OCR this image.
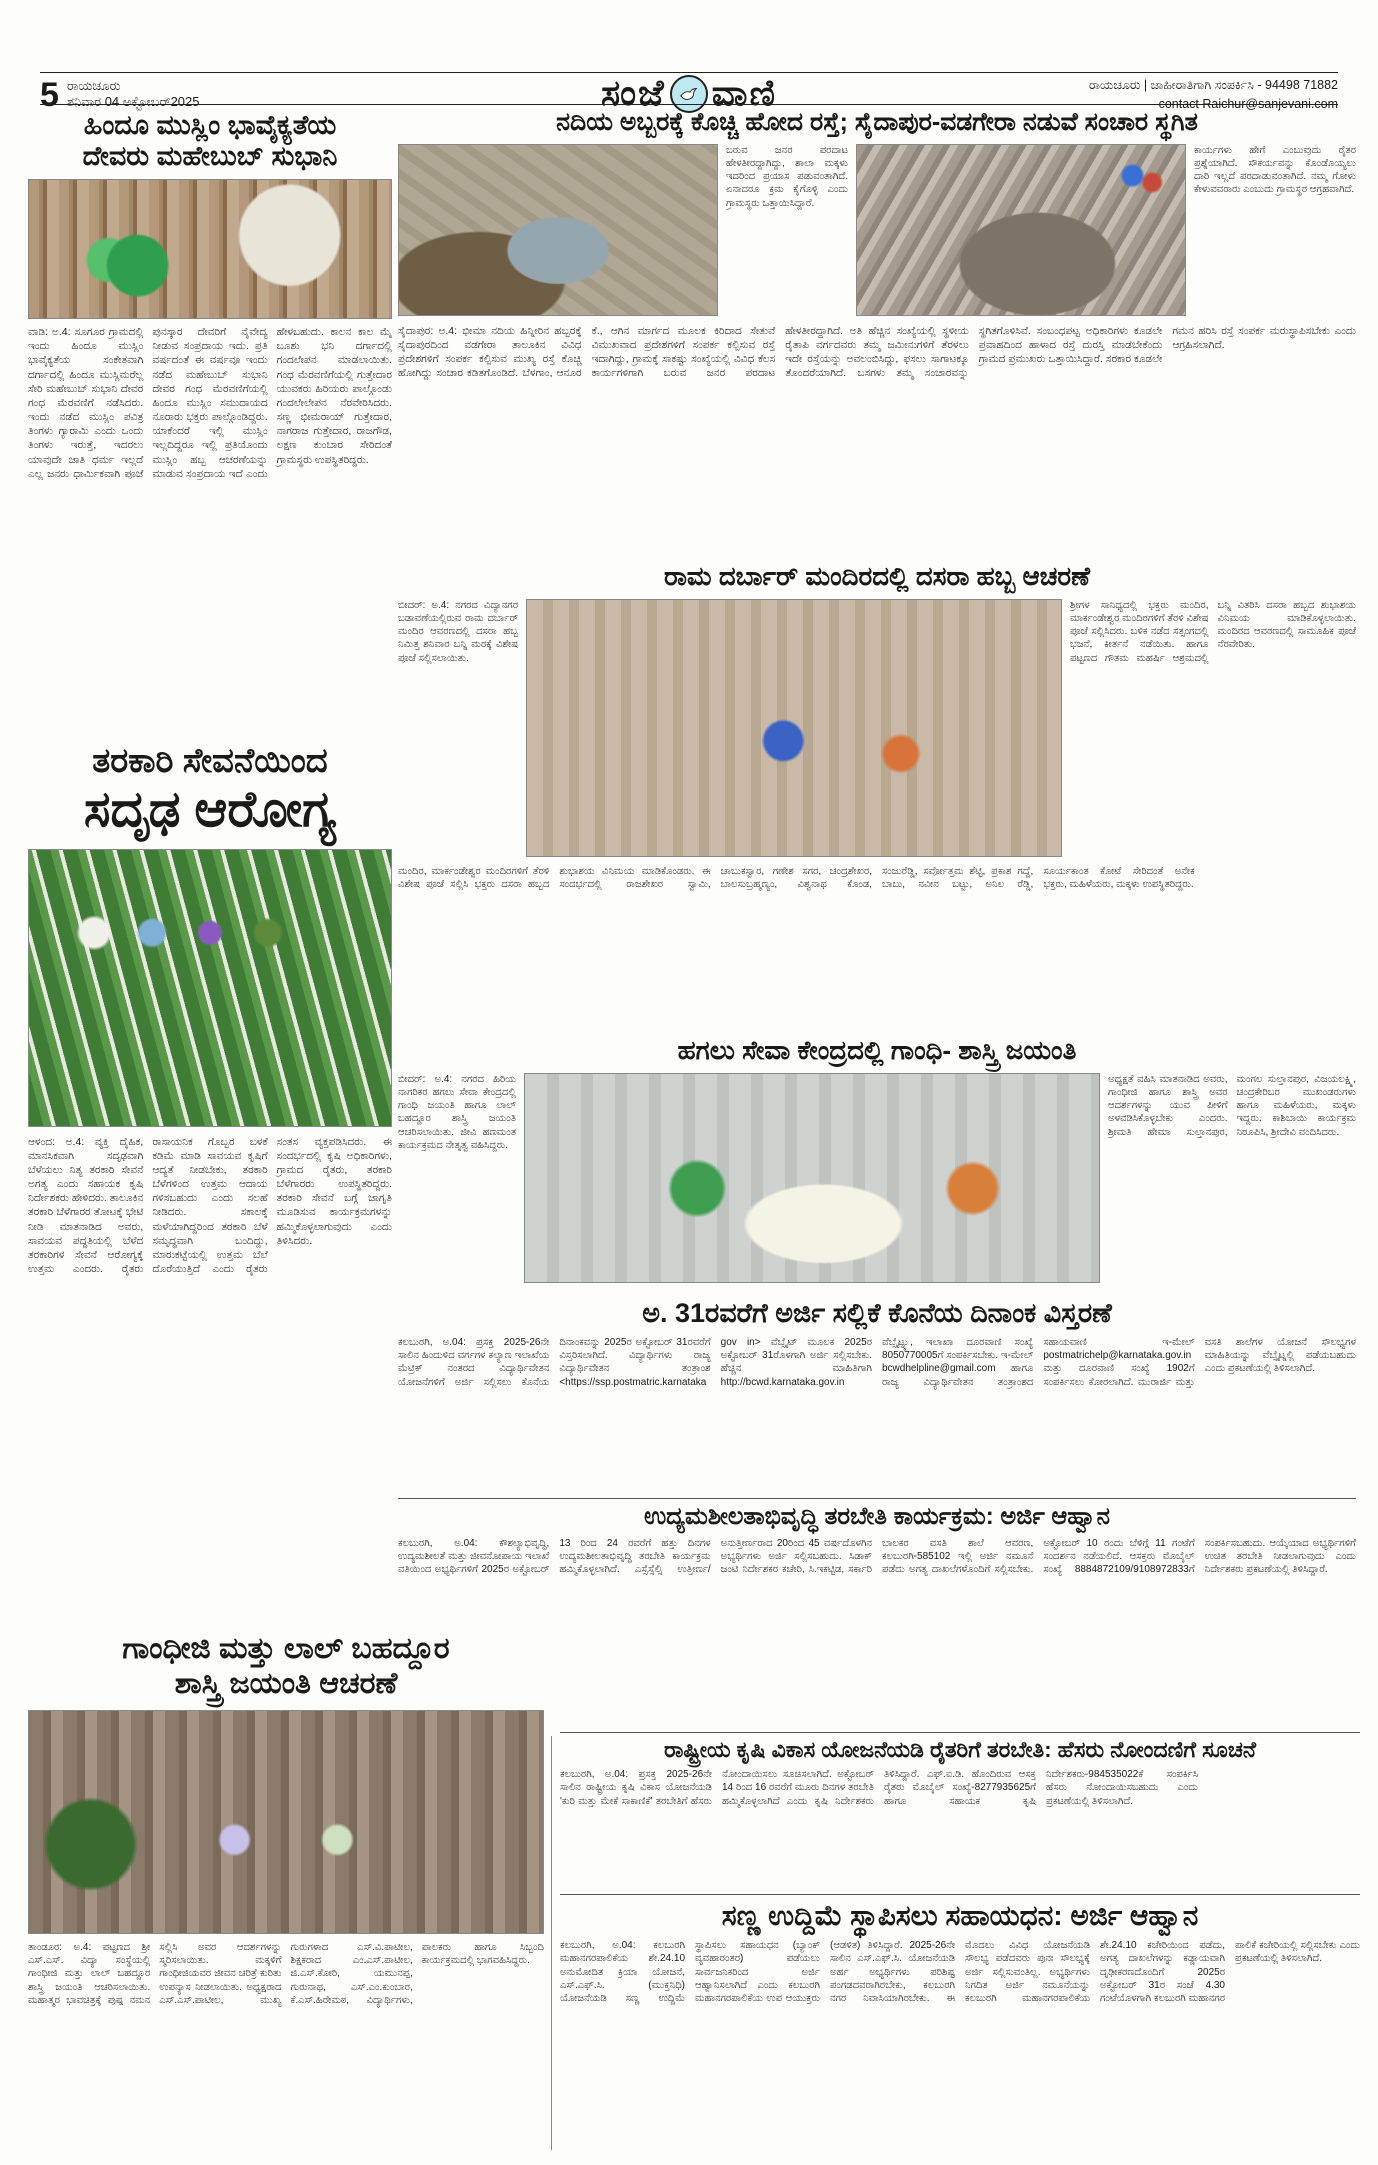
5 ರಾಯಚೂರು
ಶನಿವಾರ 04 ಅಕ್ಟೋಬರ್2025	ಸಂಜೆ ವಾಣಿ	ರಾಯಚೂರು | ಜಾಹೀರಾತಿಗಾಗಿ ಸಂಪರ್ಕಿಸಿ - 94498 71882
contact Raichur@sanjevani.com
ಹಿಂದೂ ಮುಸ್ಲಿಂ ಭಾವೈಕ್ಯತೆಯ
ದೇವರು ಮಹೇಬುಬ್ ಸುಭಾನಿ
ವಾಡಿ: ಅ.4: ಸೂಗೂರ ಗ್ರಾಮದಲ್ಲಿ ಇಂದು ಹಿಂದೂ ಮುಸ್ಲಿಂ ಭಾವೈಕ್ಯತೆಯ ಸಂಕೇತವಾಗಿ ದರ್ಗಾದಲ್ಲಿ ಹಿಂದೂ ಮುಸ್ಲಿಮರೆಲ್ಲ ಸೇರಿ ಮಹೇಬುಬ್ ಸುಭಾನಿ ದೇವರ ಗಂಧ ಮೆರವಣಿಗೆ ನಡೆಸಿದರು. ಇಂದು ನಡೆದ ಮುಸ್ಲಿಂ ಪವಿತ್ರ ತಿಂಗಳು ಗ್ಯಾರಾಮಿ ಎಂದು ಒಂದು ತಿಂಗಳು ಇರುತ್ತೆ, ಇದರಲು ಯಾವುದೇ ಜಾತಿ ಧರ್ಮ ಇಲ್ಲದೆ ಎಲ್ಲ ಜನರು ಧಾರ್ಮಿಕವಾಗಿ ಪೂಜೆ ಪುನಸ್ಕಾರ ದೇವರಿಗೆ ನೈವೇದ್ಯ ನೀಡುವ ಸಂಪ್ರದಾಯ ಇದು. ಪ್ರತಿ ವರ್ಷದಂತೆ ಈ ವರ್ಷವೂ ಇಂದು ನಡೆದ ಮಹೇಬುಬ್ ಸುಭಾನಿ ದೇವರ ಗಂಧ ಮೆರವಣಿಗೆಯಲ್ಲಿ ಹಿಂದೂ ಮುಸ್ಲಿಂ ಸಮುದಾಯದ ನೂರಾರು ಭಕ್ತರು ಪಾಲ್ಗೊಂಡಿದ್ದರು. ಯಾಕೆಂದರೆ ಇಲ್ಲಿ ಮುಸ್ಲಿಂ ಇಲ್ಲದಿದ್ದರೂ ಇಲ್ಲಿ ಪ್ರತಿಯೊಂದು ಮುಸ್ಲಿಂ ಹಬ್ಬ ಆಚರಣೆಯನ್ನು ಮಾಡುವ ಸಂಪ್ರದಾಯ ಇದೆ ಎಂದು ಹೇಳಬಹುದು. ಕಾಲನ ಕಾಲ ಮೈ ಬೂಶು ಭನಿ ದರ್ಗಾದಲ್ಲಿ ಗಂದಲೇಪನ ಮಾಡಲಾಯಿತು. ಗಂಧ ಮೆರವಣಿಗೆಯಲ್ಲಿ ಗುತ್ತೇದಾರ ಯುವಕರು ಹಿರಿಯರು ಪಾಲ್ಗೊಂಡು ಗಂದಲೇಲೇಪನ ನೆರವೇರಿಸಿದರು. ಸಣ್ಣ ಭೀಮರಾಯ್ ಗುತ್ತೇದಾರ, ನಾಗರಾಜ ಗುತ್ತೇದಾರ, ರಾಜಗೌಡ, ಲಕ್ಷಣ ಕುಂಬಾರ ಸೇರಿದಂತೆ ಗ್ರಾಮಸ್ಥರು ಉಪಸ್ಥಿತರಿದ್ದರು.
ನದಿಯ ಅಬ್ಬರಕ್ಕೆ ಕೊಚ್ಚಿ ಹೋದ ರಸ್ತೆ; ಸೈದಾಪುರ-ವಡಗೇರಾ ನಡುವೆ ಸಂಚಾರ ಸ್ಥಗಿತ
ಬರುವ ಜನರ ಪರದಾಟ ಹೇಳತೀರದ್ದಾಗಿದ್ದು, ಶಾಲಾ ಮಕ್ಕಳು ಇದರಿಂದ ಪ್ರಯಾಸ ಪಡುವಂತಾಗಿದೆ. ಏನಾದರೂ ಕ್ರಮ ಕೈಗೊಳ್ಳಿ ಎಂದು ಗ್ರಾಮಸ್ಥರು ಒತ್ತಾಯಿಸಿದ್ದಾರೆ.
ಕಾರ್ಯಗಳು ಹೇಗೆ ಎಂಬುವುದು ರೈತರ ಪ್ರಶ್ನೆಯಾಗಿದೆ. ಸೌಕರ್ಯವನ್ನು ಕೊಂಡೊಯ್ಯಲು ದಾರಿ ಇಲ್ಲದೆ ಪರದಾಡುವಂತಾಗಿದೆ. ನಮ್ಮ ಗೋಳು ಕೇಳುವವರಾರು ಎಂಬುದು ಗ್ರಾಮಸ್ಥರ ಆಗ್ರಹವಾಗಿದೆ.
ಸೈದಾಪುರ: ಅ.4: ಭೀಮಾ ನದಿಯ ಹಿನ್ನೀರಿನ ಹಬ್ಬರಕ್ಕೆ ಸೈದಾಪುರದಿಂದ ವಡಗೇರಾ ತಾಲೂಕಿನ ವಿವಿಧ ಪ್ರದೇಶಗಳಿಗೆ ಸಂಪರ್ಕ ಕಲ್ಪಿಸುವ ಮುಖ್ಯ ರಸ್ತೆ ಕೊಚ್ಚಿ ಹೋಗಿದ್ದು ಸಂಚಾರ ಕಡಿತಗೊಂಡಿದೆ. ಬೆಳಗಾಂ, ಆನೂರ ಕೆ., ಆಗಿನ ಮಾರ್ಗದ ಮೂಲಕ ಕಿರಿದಾದ ಸೇತುವೆ ವಿಮುಖವಾದ ಪ್ರದೇಶಗಳಿಗೆ ಸಂಪರ್ಕ ಕಲ್ಪಿಸುವ ರಸ್ತೆ ಇದಾಗಿದ್ದು, ಗ್ರಾಮಕ್ಕೆ ಸಾಕಷ್ಟು ಸಂಖ್ಯೆಯಲ್ಲಿ ವಿವಿಧ ಕೆಲಸ ಕಾರ್ಯಗಳಿಗಾಗಿ ಬರುವ ಜನರ ಪರದಾಟ ಹೇಳತೀರದ್ದಾಗಿದೆ. ಅತಿ ಹೆಚ್ಚಿನ ಸಂಖ್ಯೆಯಲ್ಲಿ ಸ್ಥಳೀಯ ರೈತಾಪಿ ವರ್ಗದವರು ತಮ್ಮ ಜಮೀನುಗಳಿಗೆ ತೆರಳಲು ಇದೇ ರಸ್ತೆಯನ್ನು ಅವಲಂಬಿಸಿದ್ದು, ಫಸಲು ಸಾಗಾಟಕ್ಕೂ ತೊಂದರೆಯಾಗಿದೆ. ಬಸಗಳು ತಮ್ಮ ಸಂಚಾರವನ್ನು ಸ್ಥಗಿತಗೊಳಿಸಿವೆ. ಸಂಬಂಧಪಟ್ಟ ಅಧಿಕಾರಿಗಳು ಕೂಡಲೇ ಪ್ರವಾಹದಿಂದ ಹಾಳಾದ ರಸ್ತೆ ದುರಸ್ತಿ ಮಾಡಬೇಕೆಂದು ಗ್ರಾಮದ ಪ್ರಮುಖರು ಒತ್ತಾಯಿಸಿದ್ದಾರೆ. ಸರಕಾರ ಕೂಡಲೇ ಗಮನ ಹರಿಸಿ ರಸ್ತೆ ಸಂಪರ್ಕ ಮರುಸ್ಥಾಪಿಸಬೇಕು ಎಂದು ಆಗ್ರಹಿಸಲಾಗಿದೆ.
ರಾಮ ದರ್ಬಾರ್ ಮಂದಿರದಲ್ಲಿ ದಸರಾ ಹಬ್ಬ ಆಚರಣೆ
ಬೀದರ್: ಅ.4: ನಗರದ ವಿದ್ಯಾನಗರ ಬಡಾವಣೆಯಲ್ಲಿರುವ ರಾಮ ದರ್ಬಾರ್ ಮಂದಿರ ಆವರಣದಲ್ಲಿ ದಸರಾ ಹಬ್ಬ ನಿಮಿತ್ತ ಶನಿವಾರ ಬನ್ನಿ ಮರಕ್ಕೆ ವಿಶೇಷ ಪೂಜೆ ಸಲ್ಲಿಸಲಾಯಿತು.
ಶ್ರೀಗಳ ಸಾನಿಧ್ಯದಲ್ಲಿ ಭಕ್ತರು ಮಂದಿರ, ಮಾರ್ಕಂಡೇಶ್ವರ ಮಂದಿರಗಳಿಗೆ ತೆರಳಿ ವಿಶೇಷ ಪೂಜೆ ಸಲ್ಲಿಸಿದರು. ಬಳಿಕ ನಡೆದ ಸತ್ಸಂಗದಲ್ಲಿ ಭಜನೆ, ಕೀರ್ತನೆ ನಡೆಯಿತು. ಹಾಗೂ ಪಟ್ಟಣದ ಗೌತಮ ಮಹರ್ಷಿ ಆಶ್ರಮದಲ್ಲಿ ಬನ್ನಿ ವಿತರಿಸಿ ದಸರಾ ಹಬ್ಬದ ಶುಭಾಶಯ ವಿನಿಮಯ ಮಾಡಿಕೊಳ್ಳಲಾಯಿತು. ಮಂದಿರದ ಆವರಣದಲ್ಲಿ ಸಾಮೂಹಿಕ ಪೂಜೆ ನೆರವೇರಿತು.
ಮಂದಿರ, ಮಾರ್ಕಂಡೇಶ್ವರ ಮಂದಿರಗಳಿಗೆ ತೆರಳಿ ವಿಶೇಷ ಪೂಜೆ ಸಲ್ಲಿಸಿ ಭಕ್ತರು ದಸರಾ ಹಬ್ಬದ ಶುಭಾಶಯ ವಿನಿಮಯ ಮಾಡಿಕೊಂಡರು. ಈ ಸಂದರ್ಭದಲ್ಲಿ ರಾಜಶೇಖರ ಸ್ವಾಮಿ, ಚಾಬುಕಸ್ವಾರ, ಗಣೇಶ ಸಗರ, ಚಂದ್ರಶೇಖರ, ಬಾಲಸುಬ್ರಹ್ಮಣ್ಯಂ, ವಿಶ್ವನಾಥ ಕೊಂಡ, ಸಂಜುರೆಡ್ಡಿ, ಸರ್ವೋತ್ತಮ ಶೆಟ್ಟಿ, ಪ್ರಕಾಶ ಗದ್ದೆ, ಬಾಬು, ನವೀನ ಬಟ್ಟು, ಅನಿಲ ರೆಡ್ಡಿ, ಸೂರ್ಯಕಾಂತ ಕೋಟೆ ಸೇರಿದಂತೆ ಅನೇಕ ಭಕ್ತರು, ಮಹಿಳೆಯರು, ಮಕ್ಕಳು ಉಪಸ್ಥಿತರಿದ್ದರು.
ತರಕಾರಿ ಸೇವನೆಯಿಂದ
ಸದೃಢ ಆರೋಗ್ಯ
ಆಳಂದ: ಅ.4: ವ್ಯಕ್ತಿ ದೈಹಿಕ, ಮಾನಸಿಕವಾಗಿ ಸದೃಢವಾಗಿ ಬೆಳೆಯಲು ನಿತ್ಯ ತರಕಾರಿ ಸೇವನೆ ಅಗತ್ಯ ಎಂದು ಸಹಾಯಕ ಕೃಷಿ ನಿರ್ದೇಶಕರು ಹೇಳಿದರು. ತಾಲೂಕಿನ ತರಕಾರಿ ಬೆಳೆಗಾರರ ತೋಟಕ್ಕೆ ಭೇಟಿ ನೀಡಿ ಮಾತನಾಡಿದ ಅವರು, ಸಾವಯವ ಪದ್ಧತಿಯಲ್ಲಿ ಬೆಳೆದ ತರಕಾರಿಗಳ ಸೇವನೆ ಆರೋಗ್ಯಕ್ಕೆ ಉತ್ತಮ ಎಂದರು. ರೈತರು ರಾಸಾಯನಿಕ ಗೊಬ್ಬರ ಬಳಕೆ ಕಡಿಮೆ ಮಾಡಿ ಸಾವಯವ ಕೃಷಿಗೆ ಆದ್ಯತೆ ನೀಡಬೇಕು, ತರಕಾರಿ ಬೆಳೆಗಳಿಂದ ಉತ್ತಮ ಆದಾಯ ಗಳಿಸಬಹುದು ಎಂದು ಸಲಹೆ ನೀಡಿದರು. ಸಕಾಲಕ್ಕೆ ಮಳೆಯಾಗಿದ್ದರಿಂದ ತರಕಾರಿ ಬೆಳೆ ಸಮೃದ್ಧವಾಗಿ ಬಂದಿದ್ದು, ಮಾರುಕಟ್ಟೆಯಲ್ಲಿ ಉತ್ತಮ ಬೆಲೆ ದೊರೆಯುತ್ತಿದೆ ಎಂದು ರೈತರು ಸಂತಸ ವ್ಯಕ್ತಪಡಿಸಿದರು. ಈ ಸಂದರ್ಭದಲ್ಲಿ ಕೃಷಿ ಅಧಿಕಾರಿಗಳು, ಗ್ರಾಮದ ರೈತರು, ತರಕಾರಿ ಬೆಳೆಗಾರರು ಉಪಸ್ಥಿತರಿದ್ದರು. ತರಕಾರಿ ಸೇವನೆ ಬಗ್ಗೆ ಜಾಗೃತಿ ಮೂಡಿಸುವ ಕಾರ್ಯಕ್ರಮಗಳನ್ನು ಹಮ್ಮಿಕೊಳ್ಳಲಾಗುವುದು ಎಂದು ತಿಳಿಸಿದರು.
ಹಗಲು ಸೇವಾ ಕೇಂದ್ರದಲ್ಲಿ ಗಾಂಧಿ- ಶಾಸ್ತ್ರಿ ಜಯಂತಿ
ಬೀದರ್: ಅ.4: ನಗರದ ಹಿರಿಯ ನಾಗರಿಕರ ಹಗಲು ಸೇವಾ ಕೇಂದ್ರದಲ್ಲಿ ಗಾಂಧಿ ಜಯಂತಿ ಹಾಗೂ ಲಾಲ್ ಬಹದ್ದೂರ ಶಾಸ್ತ್ರಿ ಜಯಂತಿ ಆಚರಿಸಲಾಯಿತು. ಜೀವಿ ಹಣಮಂತ ಕಾರ್ಯಕ್ರಮದ ನೇತೃತ್ವ ವಹಿಸಿದ್ದರು.
ಅಧ್ಯಕ್ಷತೆ ವಹಿಸಿ ಮಾತನಾಡಿದ ಅವರು, ಗಾಂಧೀಜಿ ಹಾಗೂ ಶಾಸ್ತ್ರಿ ಅವರ ಆದರ್ಶಗಳನ್ನು ಯುವ ಪೀಳಿಗೆ ಅಳವಡಿಸಿಕೊಳ್ಳಬೇಕು ಎಂದರು. ಶ್ರೀಮತಿ ಹೇಮಾ ಸುಲ್ತಾನಪುರ, ಮಂಗಲ ಸುಲ್ತಾನಪುರ, ವಿಜಯಲಕ್ಷ್ಮಿ, ಚಂದ್ರಕೇರಿಬರ ಮುಖಂಡರುಗಳು ಹಾಗೂ ಮಹಿಳೆಯರು, ಮಕ್ಕಳು ಇದ್ದರು. ಕಾಶಿಬಾಯಿ ಕಾರ್ಯಕ್ರಮ ನಿರೂಪಿಸಿ, ಶ್ರೀದೇವಿ ವಂದಿಸಿದರು.
ಅ. 31ರವರೆಗೆ ಅರ್ಜಿ ಸಲ್ಲಿಕೆ ಕೊನೆಯ ದಿನಾಂಕ ವಿಸ್ತರಣೆ
ಕಲಬುರಗಿ, ಅ.04: ಪ್ರಸಕ್ತ 2025-26ನೇ ಸಾಲಿನ ಹಿಂದುಳಿದ ವರ್ಗಗಳ ಕಲ್ಯಾಣ ಇಲಾಖೆಯ ಮೆಟ್ರಿಕ್ ನಂತರದ ವಿದ್ಯಾರ್ಥಿವೇತನ ಯೋಜನೆಗಳಿಗೆ ಅರ್ಜಿ ಸಲ್ಲಿಸಲು ಕೊನೆಯ ದಿನಾಂಕವನ್ನು 2025ರ ಅಕ್ಟೋಬರ್ 31ರವರೆಗೆ ವಿಸ್ತರಿಸಲಾಗಿದೆ. ವಿದ್ಯಾರ್ಥಿಗಳು ರಾಜ್ಯ ವಿದ್ಯಾರ್ಥಿವೇತನ ತಂತ್ರಾಂಶ <https://ssp.postmatric.karnataka gov in> ವೆಬ್ಸೈಟ್ ಮೂಲಕ 2025ರ ಅಕ್ಟೋಬರ್ 31ರೊಳಗಾಗಿ ಅರ್ಜಿ ಸಲ್ಲಿಸಬೇಕು. ಹೆಚ್ಚಿನ ಮಾಹಿತಿಗಾಗಿ http://bcwd.karnataka.gov.in ವೆಬ್ಸೈಟ್ನ್ನು, ಇಲಾಖಾ ದೂರವಾಣಿ ಸಂಖ್ಯೆ 8050770005ಗೆ ಸಂಪರ್ಕಿಸಬೇಕು. ಇ-ಮೇಲ್ bcwdhelpline@gmail.com ಹಾಗೂ ರಾಜ್ಯ ವಿದ್ಯಾರ್ಥಿವೇತನ ತಂತ್ರಾಂಶದ ಸಹಾಯವಾಣಿ ಇ-ಮೇಲ್ postmatrichelp@karnataka.gov.in ಮತ್ತು ದೂರವಾಣಿ ಸಂಖ್ಯೆ 1902ಗೆ ಸಂಪರ್ಕಿಸಲು ಕೋರಲಾಗಿದೆ. ಮುರಾರ್ಜಿ ಮತ್ತು ವಸತಿ ಶಾಲೆಗಳ ಯೋಜನೆ ಸೌಲಭ್ಯಗಳ ಮಾಹಿತಿಯನ್ನು ವೆಬ್ಸೈಟ್ನಲ್ಲಿ ಪಡೆಯಬಹುದು ಎಂದು ಪ್ರಕಟಣೆಯಲ್ಲಿ ತಿಳಿಸಲಾಗಿದೆ.
ಉದ್ಯಮಶೀಲತಾಭಿವೃದ್ಧಿ ತರಬೇತಿ ಕಾರ್ಯಕ್ರಮ: ಅರ್ಜಿ ಆಹ್ವಾನ
ಕಲಬುರಗಿ, ಅ.04: ಕೌಶಲ್ಯಾಭಿವೃದ್ಧಿ, ಉದ್ಯಮಶೀಲತೆ ಮತ್ತು ಜೀವನೋಪಾಯ ಇಲಾಖೆ ವತಿಯಿಂದ ಅಭ್ಯರ್ಥಿಗಳಿಗೆ 2025ರ ಅಕ್ಟೋಬರ್ 13 ರಿಂದ 24 ರವರೆಗೆ ಹತ್ತು ದಿನಗಳ ಉದ್ಯಮಶೀಲತಾಭಿವೃದ್ಧಿ ತರಬೇತಿ ಕಾರ್ಯಕ್ರಮ ಹಮ್ಮಿಕೊಳ್ಳಲಾಗಿದೆ. ಎಸ್ಸೆಸ್ಸೆಲ್ಸಿ ಉತ್ತೀರ್ಣ/ಅನುತ್ತೀರ್ಣರಾದ 20ರಿಂದ 45 ವರ್ಷದೊಳಗಿನ ಅಭ್ಯರ್ಥಿಗಳು ಅರ್ಜಿ ಸಲ್ಲಿಸಬಹುದು. ಸಿಡಾಕ್ ಜಂಟಿ ನಿರ್ದೇಶಕರ ಕಚೇರಿ, ಸಿ.ಇಕಟ್ಟಿಡ, ಸರ್ಕಾರಿ ಬಾಲಕರ ವಸತಿ ಶಾಲೆ ಆವರಣ, ಕಲಬುರಗಿ-585102 ಇಲ್ಲಿ ಅರ್ಜಿ ನಮೂನೆ ಪಡೆದು ಅಗತ್ಯ ದಾಖಲೆಗಳೊಂದಿಗೆ ಸಲ್ಲಿಸಬೇಕು. ಅಕ್ಟೋಬರ್ 10 ರಂದು ಬೆಳಿಗ್ಗೆ 11 ಗಂಟೆಗೆ ಸಂದರ್ಶನ ನಡೆಯಲಿದೆ. ಆಸಕ್ತರು ಮೊಬೈಲ್ ಸಂಖ್ಯೆ 8884872109/9108972833ಗೆ ಸಂಪರ್ಕಿಸಬಹುದು. ಆಯ್ಕೆಯಾದ ಅಭ್ಯರ್ಥಿಗಳಿಗೆ ಉಚಿತ ತರಬೇತಿ ನೀಡಲಾಗುವುದು ಎಂದು ನಿರ್ದೇಶಕರು ಪ್ರಕಟಣೆಯಲ್ಲಿ ತಿಳಿಸಿದ್ದಾರೆ.
ಗಾಂಧೀಜಿ ಮತ್ತು ಲಾಲ್ ಬಹದ್ದೂರ
ಶಾಸ್ತ್ರಿ ಜಯಂತಿ ಆಚರಣೆ
ತಾಂಡೂರ: ಅ.4: ಪಟ್ಟಣದ ಶ್ರೀ ಎಸ್.ಎಸ್. ವಿದ್ಯಾ ಸಂಸ್ಥೆಯಲ್ಲಿ ಗಾಂಧೀಜಿ ಮತ್ತು ಲಾಲ್ ಬಹದ್ದೂರ ಶಾಸ್ತ್ರಿ ಜಯಂತಿ ಆಚರಿಸಲಾಯಿತು. ಮಹಾತ್ಮರ ಭಾವಚಿತ್ರಕ್ಕೆ ಪುಷ್ಪ ನಮನ ಸಲ್ಲಿಸಿ ಅವರ ಆದರ್ಶಗಳನ್ನು ಸ್ಮರಿಸಲಾಯಿತು. ಮಕ್ಕಳಿಗೆ ಗಾಂಧೀಜಿಯವರ ಜೀವನ ಚರಿತ್ರೆ ಕುರಿತು ಉಪನ್ಯಾಸ ನೀಡಲಾಯಿತು. ಅಧ್ಯಕ್ಷರಾದ ಎಸ್.ಎಸ್.ಪಾಟೀಲ, ಮುಖ್ಯ ಗುರುಗಳಾದ ಎಸ್.ವಿ.ಪಾಟೀಲ, ಶಿಕ್ಷಕರಾದ ಎಂ.ಎಸ್.ಪಾಟೀಲ, ಜಿ.ಎಸ್.ಕೋರಿ, ಯಮುನಪ್ಪ, ಗುರುನಾಥ, ಎಸ್.ಎಂ.ಕುಂಬಾರ, ಕೆ.ಎಸ್.ಹಿರೇಮಠ, ವಿದ್ಯಾರ್ಥಿಗಳು, ಪಾಲಕರು ಹಾಗೂ ಸಿಬ್ಬಂದಿ ಕಾರ್ಯಕ್ರಮದಲ್ಲಿ ಭಾಗವಹಿಸಿದ್ದರು.
ರಾಷ್ಟ್ರೀಯ ಕೃಷಿ ವಿಕಾಸ ಯೋಜನೆಯಡಿ ರೈತರಿಗೆ ತರಬೇತಿ: ಹೆಸರು ನೋಂದಣಿಗೆ ಸೂಚನೆ
ಕಲಬುರಗಿ, ಅ.04: ಪ್ರಸಕ್ತ 2025-26ನೇ ಸಾಲಿನ ರಾಷ್ಟ್ರೀಯ ಕೃಷಿ ವಿಕಾಸ ಯೋಜನೆಯಡಿ 'ಕುರಿ ಮತ್ತು ಮೇಕೆ ಸಾಕಾಣಿಕೆ' ತರಬೇತಿಗೆ ಹೆಸರು ನೋಂದಾಯಿಸಲು ಸೂಚಿಸಲಾಗಿದೆ. ಅಕ್ಟೋಬರ್ 14 ರಿಂದ 16 ರವರೆಗೆ ಮೂರು ದಿನಗಳ ತರಬೇತಿ ಹಮ್ಮಿಕೊಳ್ಳಲಾಗಿದೆ ಎಂದು ಕೃಷಿ ನಿರ್ದೇಶಕರು ತಿಳಿಸಿದ್ದಾರೆ. ಎಫ್.ಐ.ಡಿ. ಹೊಂದಿರುವ ಆಸಕ್ತ ರೈತರು ಮೊಬೈಲ್ ಸಂಖ್ಯೆ-8277935625ಗೆ ಹಾಗೂ ಸಹಾಯಕ ಕೃಷಿ ನಿರ್ದೇಶಕರು-984535022ಕೆ ಸಂಪರ್ಕಿಸಿ ಹೆಸರು ನೋಂದಾಯಿಸಬಹುದು ಎಂದು ಪ್ರಕಟಣೆಯಲ್ಲಿ ತಿಳಿಸಲಾಗಿದೆ.
ಸಣ್ಣ ಉದ್ದಿಮೆ ಸ್ಥಾಪಿಸಲು ಸಹಾಯಧನ: ಅರ್ಜಿ ಆಹ್ವಾನ
ಕಲಬುರಗಿ, ಅ.04: ಕಲಬುರಗಿ ಮಹಾನಗರಪಾಲಿಕೆಯ ಶೇ.24.10 ಅನುಮೋದಿತ ಕ್ರಿಯಾ ಯೋಜನೆ, ಎಸ್.ಎಫ್.ಸಿ. (ಮುಕ್ತನಿಧಿ) ಯೋಜನೆಯಡಿ ಸಣ್ಣ ಉದ್ದಿಮೆ ಸ್ಥಾಪಿಸಲು ಸಹಾಯಧನ (ಬ್ಯಾಂಕ್ ವ್ಯವಹಾರಂತರ) ಪಡೆಯಲು ಸಾರ್ವಜನಿಕರಿಂದ ಅರ್ಜಿ ಆಹ್ವಾನಿಸಲಾಗಿದೆ ಎಂದು ಕಲಬುರಗಿ ಮಹಾನಗರಪಾಲಿಕೆಯ ಉಪ ಆಯುಕ್ತರು (ಆಡಳಿತ) ತಿಳಿಸಿದ್ದಾರೆ. 2025-26ನೇ ಸಾಲಿನ ಎಸ್.ಎಫ್.ಸಿ. ಯೋಜನೆಯಡಿ ಅರ್ಹ ಅಭ್ಯರ್ಥಿಗಳು ಪರಿಶಿಷ್ಟ ಪಂಗಡದವರಾಗಿರಬೇಕು, ಕಲಬುರಗಿ ನಗರ ನಿವಾಸಿಯಾಗಿರಬೇಕು. ಈ ಮೊದಲು ವಿವಿಧ ಯೋಜನೆಯಡಿ ಸೌಲಭ್ಯ ಪಡೆದವರು ಪುನಃ ಸೌಲಭ್ಯಕ್ಕೆ ಅರ್ಜಿ ಸಲ್ಲಿಸುವಂತಿಲ್ಲ. ಅಭ್ಯರ್ಥಿಗಳು ನಿಗದಿತ ಅರ್ಜಿ ನಮೂನೆಯನ್ನು ಕಲಬುರಗಿ ಮಹಾನಗರಪಾಲಿಕೆಯ ಶೇ.24.10 ಕಚೇರಿಯಿಂದ ಪಡೆದು, ಅಗತ್ಯ ದಾಖಲೆಗಳನ್ನು ಕಡ್ಡಾಯವಾಗಿ ದೃಢೀಕರಣದೊಂದಿಗೆ 2025ರ ಅಕ್ಟೋಬರ್ 31ರ ಸಂಜೆ 4.30 ಗಂಟೆಯೊಳಗಾಗಿ ಕಲಬುರಗಿ ಮಹಾನಗರ ಪಾಲಿಕೆ ಕಚೇರಿಯಲ್ಲಿ ಸಲ್ಲಿಸಬೇಕು ಎಂದು ಪ್ರಕಟಣೆಯಲ್ಲಿ ತಿಳಿಸಲಾಗಿದೆ.
